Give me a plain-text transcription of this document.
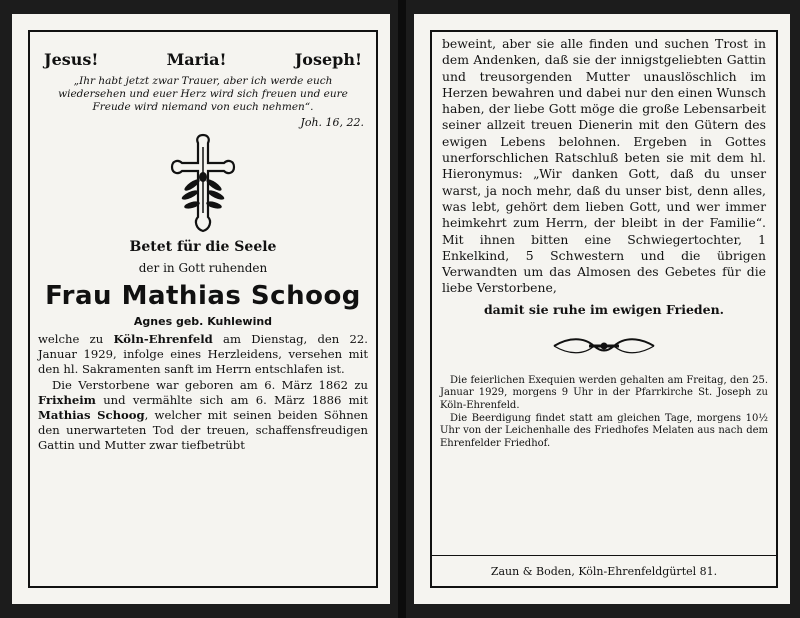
Jesus!	Maria!	Joseph!
„Ihr habt jetzt zwar Trauer, aber ich werde euch wiedersehen und euer Herz wird sich freuen und eure Freude wird niemand von euch nehmen“.
Joh. 16, 22.
Betet für die Seele
der in Gott ruhenden
Frau Mathias Schoog
Agnes geb. Kuhlewind

welche zu Köln-Ehrenfeld am Dienstag, den 22. Januar 1929, infolge eines Herzleidens, versehen mit den hl. Sakramenten sanft im Herrn entschlafen ist.

Die Verstorbene war geboren am 6. März 1862 zu Frixheim und vermählte sich am 6. März 1886 mit Mathias Schoog, welcher mit seinen beiden Söhnen den unerwarteten Tod der treuen, schaffensfreudigen Gattin und Mutter zwar tiefbetrübt

beweint, aber sie alle finden und suchen Trost in dem Andenken, daß sie der innigstgeliebten Gattin und treusorgenden Mutter unauslöschlich im Herzen bewahren und dabei nur den einen Wunsch haben, der liebe Gott möge die große Lebensarbeit seiner allzeit treuen Dienerin mit den Gütern des ewigen Lebens belohnen. Ergeben in Gottes unerforschlichen Ratschluß beten sie mit dem hl. Hieronymus: „Wir danken Gott, daß du unser warst, ja noch mehr, daß du unser bist, denn alles, was lebt, gehört dem lieben Gott, und wer immer heimkehrt zum Herrn, der bleibt in der Familie“. Mit ihnen bitten eine Schwiegertochter, 1 Enkelkind, 5 Schwestern und die übrigen Verwandten um das Almosen des Gebetes für die liebe Verstorbene,

damit sie ruhe im ewigen Frieden.

Die feierlichen Exequien werden gehalten am Freitag, den 25. Januar 1929, morgens 9 Uhr in der Pfarrkirche St. Joseph zu Köln-Ehrenfeld.

Die Beerdigung findet statt am gleichen Tage, morgens 10½ Uhr von der Leichenhalle des Friedhofes Melaten aus nach dem Ehrenfelder Friedhof.

Zaun & Boden, Köln-Ehrenfeldgürtel 81.
